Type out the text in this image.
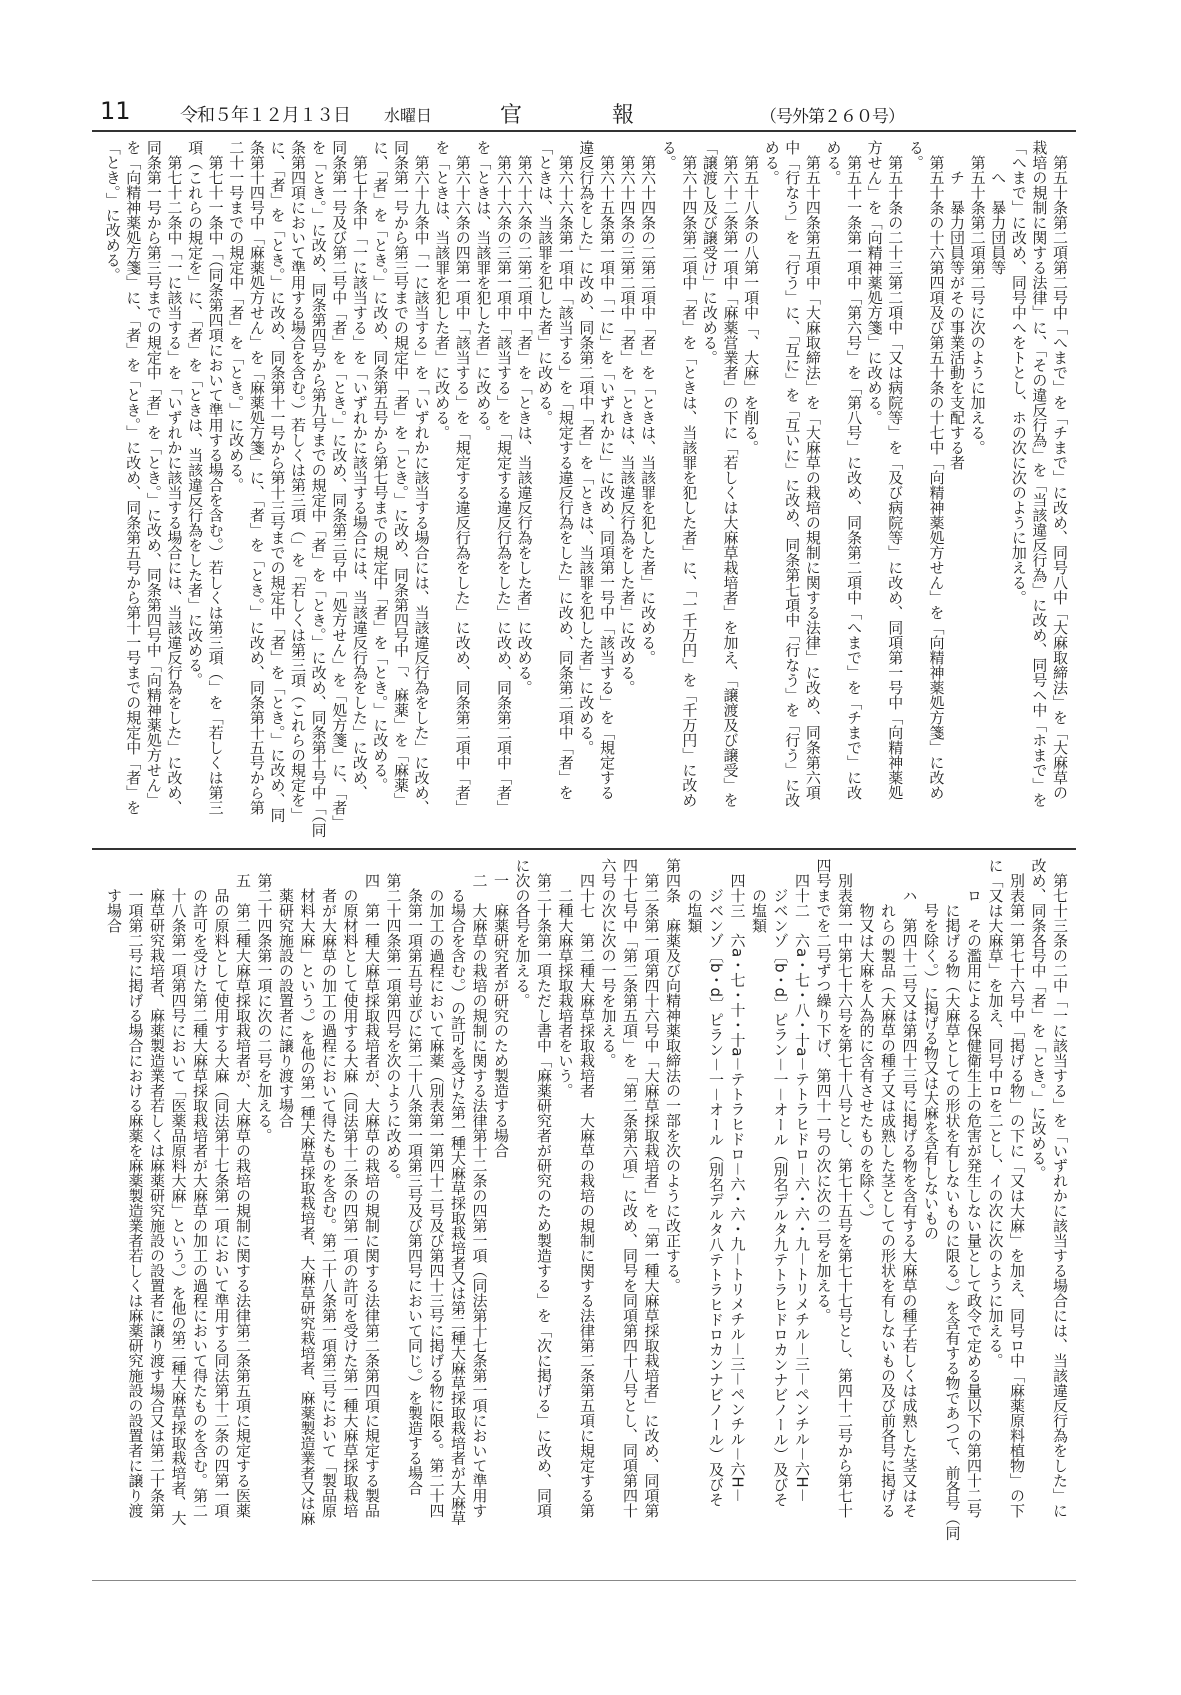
11	令和５年１２月１３日 水曜日	官	報	（号外第２６０号）
　第五十条第二項第二号中「へまで」を「チまで」に改め、同号八中「大麻取締法」を「大麻草の
栽培の規制に関する法律」に、「その違反行為」を「当該違反行為」に改め、同号ヘ中「ホまで」を
「へまで」に改め、同号中へをトとし、ホの次に次のように加える。
　　へ　暴力団員等
　第五十条第二項第二号に次のように加える。
　　チ　暴力団員等がその事業活動を支配する者
　第五十条の十六第四項及び第五十条の十七中「向精神薬処方せん」を「向精神薬処方箋」に改め
る。
　第五十条の二十三第二項中「又は病院等」を「及び病院等」に改め、同項第一号中「向精神薬処
方せん」を「向精神薬処方箋」に改める。
　第五十一条第一項中「第六号」を「第八号」に改め、同条第二項中「へまで」を「チまで」に改
める。
　第五十四条第五項中「大麻取締法」を「大麻草の栽培の規制に関する法律」に改め、同条第六項
中「行なう」を「行う」に、「互に」を「互いに」に改め、同条第七項中「行なう」を「行う」に改
める。
　第五十八条の八第一項中「、大麻」を削る。
　第六十二条第一項中「麻薬営業者」の下に「若しくは大麻草栽培者」を加え、「譲渡及び譲受」を
「譲渡し及び譲受け」に改める。
　第六十四条第二項中「者」を「ときは、当該罪を犯した者」に、「一千万円」を「千万円」に改め
る。
　第六十四条の二第二項中「者」を「ときは、当該罪を犯した者」に改める。
　第六十四条の三第二項中「者」を「ときは、当該違反行為をした者」に改める。
　第六十五条第一項中「一に」を「いずれかに」に改め、同項第一号中「該当する」を「規定する
違反行為をした」に改め、同条第二項中「者」を「ときは、当該罪を犯した者」に改める。
　第六十六条第一項中「該当する」を「規定する違反行為をした」に改め、同条第二項中「者」を
「ときは、当該罪を犯した者」に改める。
　第六十六条の二第二項中「者」を「ときは、当該違反行為をした者」に改める。
　第六十六条の三第一項中「該当する」を「規定する違反行為をした」に改め、同条第二項中「者」
を「ときは、当該罪を犯した者」に改める。
　第六十六条の四第一項中「該当する」を「規定する違反行為をした」に改め、同条第二項中「者」
を「ときは、当該罪を犯した者」に改める。
　第六十九条中「一に該当する」を「いずれかに該当する場合には、当該違反行為をした」に改め、
同条第一号から第三号までの規定中「者」を「とき。」に改め、同条第四号中「、麻薬」を「麻薬」
に、「者」を「とき。」に改め、同条第五号から第七号までの規定中「者」を「とき。」に改める。
　第七十条中「一に該当する」を「いずれかに該当する場合には、当該違反行為をした」に改め、
同条第一号及び第二号中「者」を「とき。」に改め、同条第三号中「処方せん」を「処方箋」に、「者」
を「とき。」に改め、同条第四号から第九号までの規定中「者」を「とき。」に改め、同条第十号中「（同
条第四項において準用する場合を含む。）若しくは第三項（」を「若しくは第三項（これらの規定を」
に、「者」を「とき。」に改め、同条第十一号から第十三号までの規定中「者」を「とき。」に改め、同
条第十四号中「麻薬処方せん」を「麻薬処方箋」に、「者」を「とき。」に改め、同条第十五号から第
二十一号までの規定中「者」を「とき。」に改める。
　第七十一条中「（同条第四項において準用する場合を含む。）若しくは第三項（」を「若しくは第三
項（これらの規定を」に、「者」を「ときは、当該違反行為をした者」に改める。
　第七十二条中「一に該当する」を「いずれかに該当する場合には、当該違反行為をした」に改め、
同条第一号から第三号までの規定中「者」を「とき。」に改め、同条第四号中「向精神薬処方せん」
を「向精神薬処方箋」に、「者」を「とき。」に改め、同条第五号から第十一号までの規定中「者」を
「とき。」に改める。
　第七十三条の二中「一に該当する」を「いずれかに該当する場合には、当該違反行為をした」に
改め、同条各号中「者」を「とき。」に改める。
　別表第一第七十六号中「掲げる物」の下に「又は大麻」を加え、同号ロ中「麻薬原料植物」の下
に「又は大麻草」を加え、同号中ロを二とし、イの次に次のように加える。
　　ロ　その濫用による保健衛生上の危害が発生しない量として政令で定める量以下の第四十二号
　　　に掲げる物（大麻草としての形状を有しないものに限る。）を含有する物であつて、前各号（同
　　　号を除く。）に掲げる物又は大麻を含有しないもの
　　ハ　第四十二号又は第四十三号に掲げる物を含有する大麻草の種子若しくは成熟した茎又はそ
　　　れらの製品（大麻草の種子又は成熟した茎としての形状を有しないもの及び前各号に掲げる
　　　物又は大麻を人為的に含有させたものを除く。）
　別表第一中第七十六号を第七十八号とし、第七十五号を第七十七号とし、第四十二号から第七十
四号までを二号ずつ繰り下げ、第四十一号の次に次の二号を加える。
　四十二　六a・七・八・十a－テトラヒドロ－六・六・九－トリメチル－三－ペンチル－六H－
　　ジベンゾ〔b・d〕ピラン－一－オール（別名デルタ九テトラヒドロカンナビノール）及びそ
　　の塩類
　四十三　六a・七・十・十a－テトラヒドロ－六・六・九－トリメチル－三－ペンチル－六H－
　　ジベンゾ〔b・d〕ピラン－一－オール（別名デルタ八テトラヒドロカンナビノール）及びそ
　　の塩類
第四条　麻薬及び向精神薬取締法の一部を次のように改正する。
　第二条第一項第四十六号中「大麻草採取栽培者」を「第一種大麻草採取栽培者」に改め、同項第
四十七号中「第二条第五項」を「第二条第六項」に改め、同号を同項第四十八号とし、同項第四十
六号の次に次の一号を加える。
　四十七　第二種大麻草採取栽培者　大麻草の栽培の規制に関する法律第二条第五項に規定する第
　　二種大麻草採取栽培者をいう。
　第二十条第一項ただし書中「麻薬研究者が研究のため製造する」を「次に掲げる」に改め、同項
に次の各号を加える。
　一　麻薬研究者が研究のため製造する場合
　二　大麻草の栽培の規制に関する法律第十二条の四第一項（同法第十七条第一項において準用す
　　る場合を含む。）の許可を受けた第一種大麻草採取栽培者又は第二種大麻草採取栽培者が大麻草
　　の加工の過程において麻薬（別表第一第四十二号及び第四十三号に掲げる物に限る。第二十四
　　条第一項第五号並びに第二十八条第一項第三号及び第四号において同じ。）を製造する場合
　第二十四条第一項第四号を次のように改める。
　四　第一種大麻草採取栽培者が、大麻草の栽培の規制に関する法律第二条第四項に規定する製品
　　の原材料として使用する大麻（同法第十二条の四第一項の許可を受けた第一種大麻草採取栽培
　　者が大麻草の加工の過程において得たものを含む。第二十八条第一項第三号において「製品原
　　材料大麻」という。）を他の第一種大麻草採取栽培者、大麻草研究栽培者、麻薬製造業者又は麻
　　薬研究施設の設置者に譲り渡す場合
　第二十四条第一項に次の二号を加える。
　五　第二種大麻草採取栽培者が、大麻草の栽培の規制に関する法律第二条第五項に規定する医薬
　　品の原料として使用する大麻（同法第十七条第一項において準用する同法第十二条の四第一項
　　の許可を受けた第二種大麻草採取栽培者が大麻草の加工の過程において得たものを含む。第二
　　十八条第一項第四号において「医薬品原料大麻」という。）を他の第二種大麻草採取栽培者、大
　　麻草研究栽培者、麻薬製造業者若しくは麻薬研究施設の設置者に譲り渡す場合又は第二十条第
　　一項第二号に掲げる場合における麻薬を麻薬製造業者若しくは麻薬研究施設の設置者に譲り渡
　　す場合
